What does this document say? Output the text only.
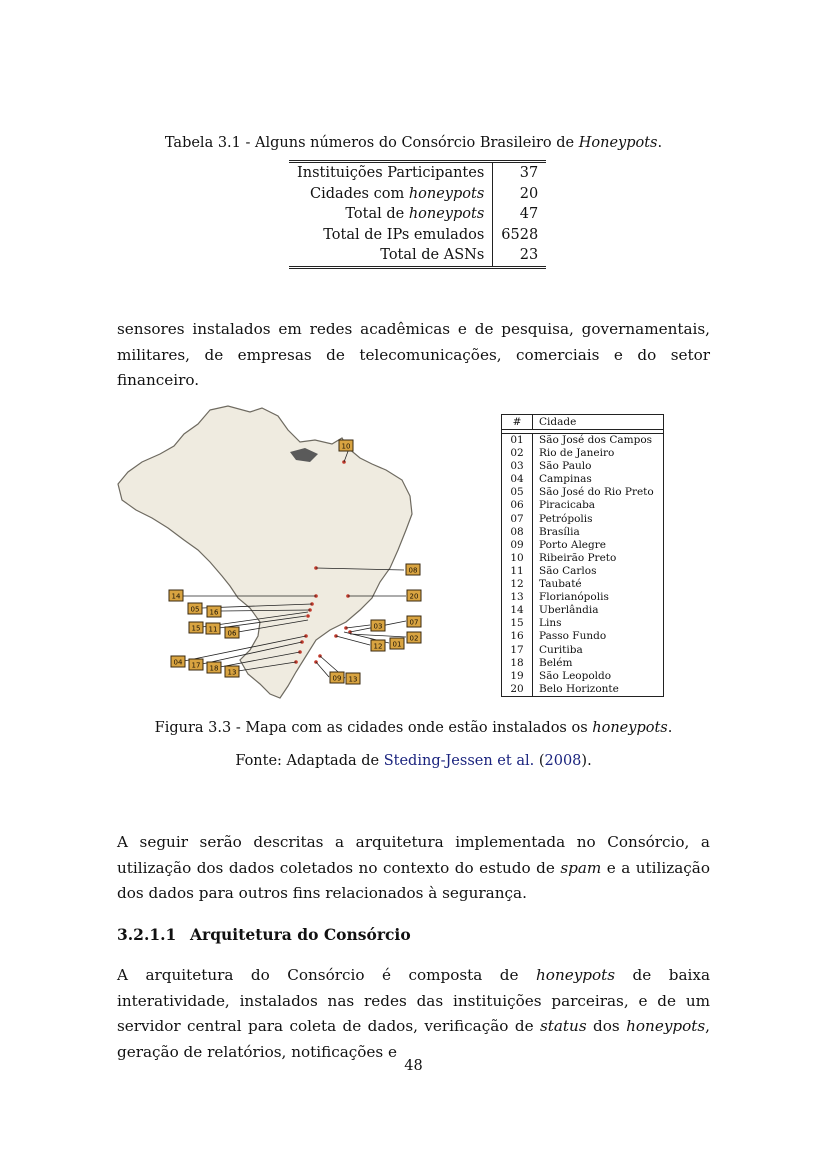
Tabela 3.1 - Alguns números do Consórcio Brasileiro de Honeypots.
Instituições Participantes	37
Cidades com honeypots	20
Total de honeypots	47
Total de IPs emulados	6528
Total de ASNs	23
sensores instalados em redes acadêmicas e de pesquisa, governamentais, militares, de empresas de telecomunicações, comerciais e do setor financeiro.
10
08
14
05 16
15 11 06
20
07
02
03
01
12
04 17 18 13
09 13
#	Cidade
01	São José dos Campos
02	Rio de Janeiro
03	São Paulo
04	Campinas
05	São José do Rio Preto
06	Piracicaba
07	Petrópolis
08	Brasília
09	Porto Alegre
10	Ribeirão Preto
11	São Carlos
12	Taubaté
13	Florianópolis
14	Uberlândia
15	Lins
16	Passo Fundo
17	Curitiba
18	Belém
19	São Leopoldo
20	Belo Horizonte
Figura 3.3 - Mapa com as cidades onde estão instalados os honeypots.
Fonte: Adaptada de Steding-Jessen et al. (2008).
A seguir serão descritas a arquitetura implementada no Consórcio, a utilização dos dados coletados no contexto do estudo de spam e a utilização dos dados para outros fins relacionados à segurança.
3.2.1.1 Arquitetura do Consórcio
A arquitetura do Consórcio é composta de honeypots de baixa interatividade, instalados nas redes das instituições parceiras, e de um servidor central para coleta de dados, verificação de status dos honeypots, geração de relatórios, notificações e
48
